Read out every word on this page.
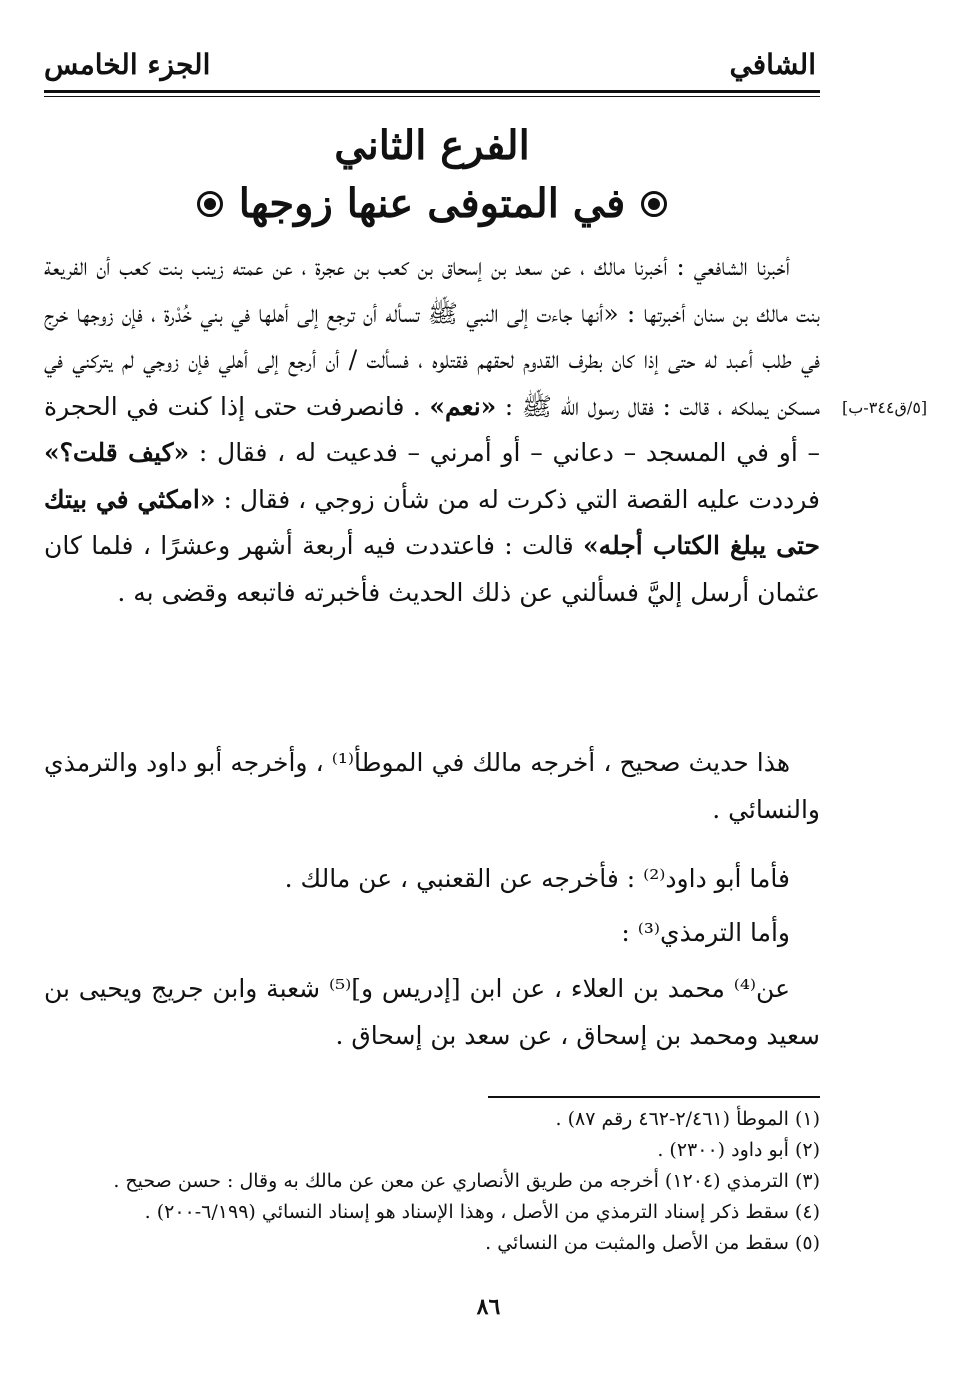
الشافي
الجزء الخامس
الفرع الثاني
في المتوفى عنها زوجها
[٥/ق٣٤٤-ب]
أخبرنا الشافعي : أخبرنا مالك ، عن سعد بن إسحاق بن كعب بن عجرة ، عن عمته زينب بنت كعب أن الفريعة بنت مالك بن سنان أخبرتها : «أنها جاءت إلى النبي ﷺ تسأله أن ترجع إلى أهلها في بني خُدْرة ، فإن زوجها خرج في طلب أعبد له حتى إذا كان بطرف القدوم لحقهم فقتلوه ، فسألت / أن أرجع إلى أهلي فإن زوجي لم يتركني في مسكن يملكه ، قالت : فقال رسول الله ﷺ : «نعم» . فانصرفت حتى إذا كنت في الحجرة – أو في المسجد – دعاني – أو أمرني – فدعيت له ، فقال : «كيف قلت؟» فرددت عليه القصة التي ذكرت له من شأن زوجي ، فقال : «امكثي في بيتك حتى يبلغ الكتاب أجله» قالت : فاعتددت فيه أربعة أشهر وعشرًا ، فلما كان عثمان أرسل إليَّ فسألني عن ذلك الحديث فأخبرته فاتبعه وقضى به .
هذا حديث صحيح ، أخرجه مالك في الموطأ⁽¹⁾ ، وأخرجه أبو داود والترمذي والنسائي .
فأما أبو داود⁽²⁾ : فأخرجه عن القعنبي ، عن مالك .
وأما الترمذي⁽³⁾ :
عن⁽⁴⁾ محمد بن العلاء ، عن ابن [إدريس و]⁽⁵⁾ شعبة وابن جريج ويحيى بن سعيد ومحمد بن إسحاق ، عن سعد بن إسحاق .
(١) الموطأ (٢/٤٦١-٤٦٢ رقم ٨٧) .
(٢) أبو داود (٢٣٠٠) .
(٣) الترمذي (١٢٠٤) أخرجه من طريق الأنصاري عن معن عن مالك به وقال : حسن صحيح .
(٤) سقط ذكر إسناد الترمذي من الأصل ، وهذا الإسناد هو إسناد النسائي (٦/١٩٩-٢٠٠) .
(٥) سقط من الأصل والمثبت من النسائي .
٨٦
